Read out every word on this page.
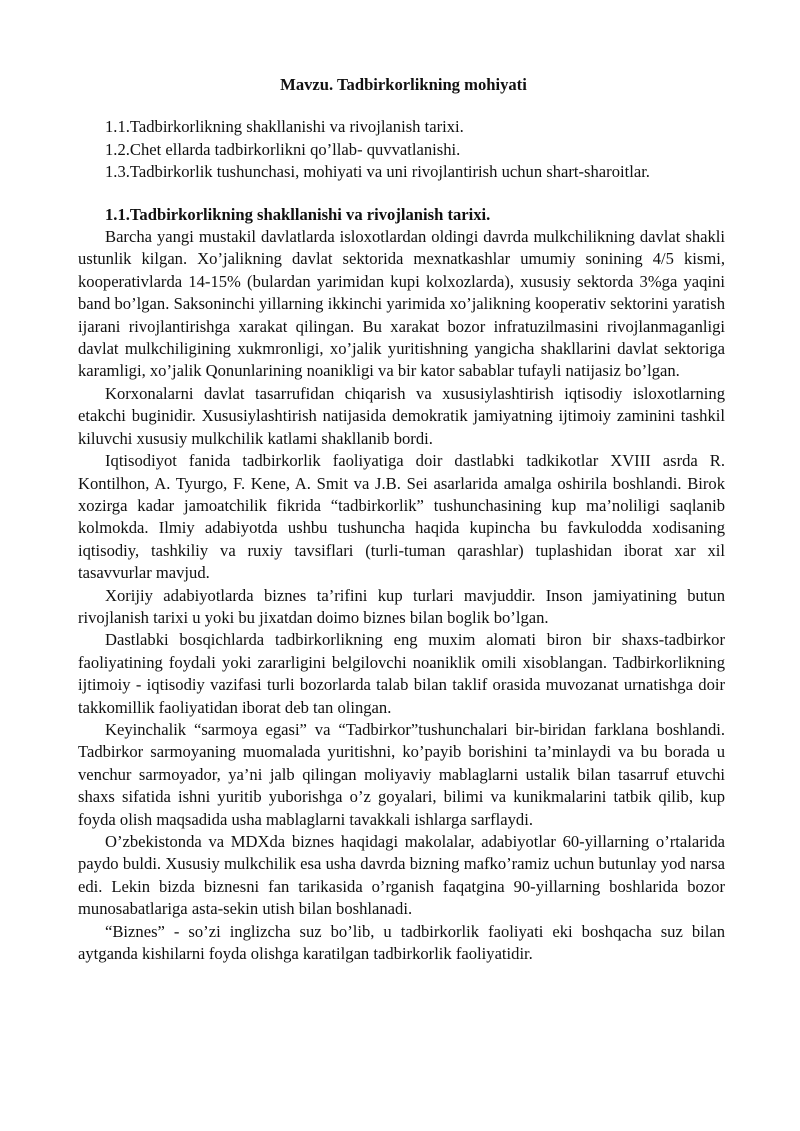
Mavzu. Tadbirkorlikning mohiyati

1.1.Tadbirkorlikning shakllanishi va rivojlanish tarixi.

1.2.Chet ellarda tadbirkorlikni qo’llab- quvvatlanishi.

1.3.Tadbirkorlik tushunchasi, mohiyati va uni rivojlantirish uchun shart-sharoitlar.

1.1.Tadbirkorlikning shakllanishi va rivojlanish tarixi.

Barcha yangi mustakil davlatlarda isloxotlardan oldingi davrda mulkchilikning davlat shakli ustunlik kilgan. Xo’jalikning davlat sektorida mexnatkashlar umumiy sonining 4/5 kismi, kooperativlarda 14-15% (bulardan yarimidan kupi kolxozlarda), xususiy sektorda 3%ga yaqini band bo’lgan. Saksoninchi yillarning ikkinchi yarimida xo’jalikning kooperativ sektorini yaratish ijarani rivojlantirishga xarakat qilingan. Bu xarakat bozor infratuzilmasini rivojlanmaganligi davlat mulkchiligining xukmronligi, xo’jalik yuritishning yangicha shakllarini davlat sektoriga karamligi, xo’jalik Qonunlarining noanikligi va bir kator sabablar tufayli natijasiz bo’lgan.

Korxonalarni davlat tasarrufidan chiqarish va xususiylashtirish iqtisodiy isloxotlarning etakchi buginidir. Xususiylashtirish natijasida demokratik jamiyatning ijtimoiy zaminini tashkil kiluvchi xususiy mulkchilik katlami shakllanib bordi.

Iqtisodiyot fanida tadbirkorlik faoliyatiga doir dastlabki tadkikotlar XVIII asrda R. Kontilhon, A. Tyurgo, F. Kene, A. Smit va J.B. Sei asarlarida amalga oshirila boshlandi. Birok xozirga kadar jamoatchilik fikrida “tadbirkorlik” tushunchasining kup ma’noliligi saqlanib kolmokda. Ilmiy adabiyotda ushbu tushuncha haqida kupincha bu favkulodda xodisaning iqtisodiy, tashkiliy va ruxiy tavsiflari (turli-tuman qarashlar) tuplashidan iborat xar xil tasavvurlar mavjud.

Xorijiy adabiyotlarda biznes ta’rifini kup turlari mavjuddir. Inson jamiyatining butun rivojlanish tarixi u yoki bu jixatdan doimo biznes bilan boglik bo’lgan.

Dastlabki bosqichlarda tadbirkorlikning eng muxim alomati biron bir shaxs-tadbirkor faoliyatining foydali yoki zararligini belgilovchi noaniklik omili xisoblangan. Tadbirkorlikning ijtimoiy - iqtisodiy vazifasi turli bozorlarda talab bilan taklif orasida muvozanat urnatishga doir takkomillik faoliyatidan iborat deb tan olingan.

Keyinchalik “sarmoya egasi” va “Tadbirkor”tushunchalari bir-biridan farklana boshlandi. Tadbirkor sarmoyaning muomalada yuritishni, ko’payib borishini ta’minlaydi va bu borada u venchur sarmoyador, ya’ni jalb qilingan moliyaviy mablaglarni ustalik bilan tasarruf etuvchi shaxs sifatida ishni yuritib yuborishga o’z goyalari, bilimi va kunikmalarini tatbik qilib, kup foyda olish maqsadida usha mablaglarni tavakkali ishlarga sarflaydi.

O’zbekistonda va MDXda biznes haqidagi makolalar, adabiyotlar 60-yillarning o’rtalarida paydo buldi. Xususiy mulkchilik esa usha davrda bizning mafko’ramiz uchun butunlay yod narsa edi. Lekin bizda biznesni fan tarikasida o’rganish faqatgina 90-yillarning boshlarida bozor munosabatlariga asta-sekin utish bilan boshlanadi.

“Biznes” - so’zi inglizcha suz bo’lib, u tadbirkorlik faoliyati eki boshqacha suz bilan aytganda kishilarni foyda olishga karatilgan tadbirkorlik faoliyatidir.
